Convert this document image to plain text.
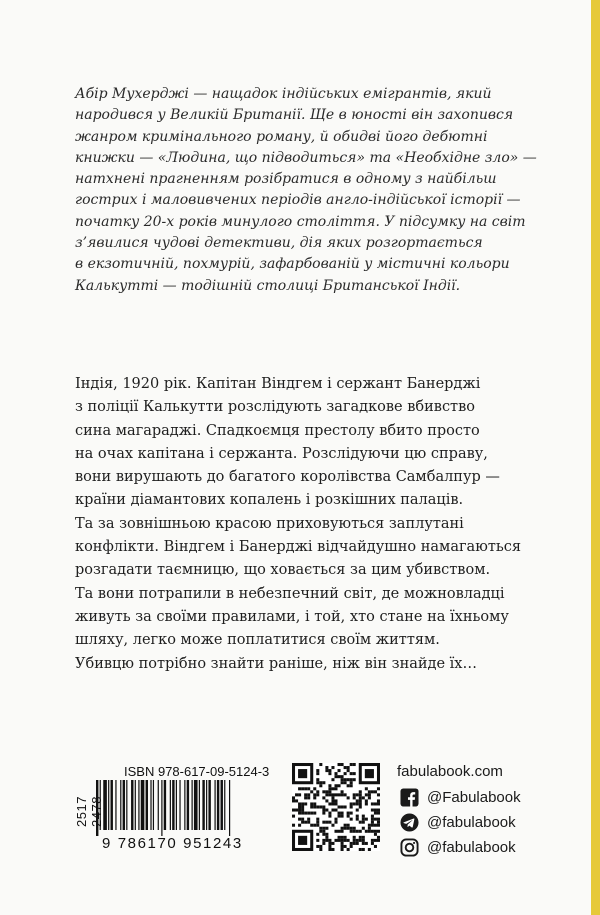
Абір Мухерджі — нащадок індійських емігрантів, який
народився у Великій Британії. Ще в юності він захопився
жанром кримінального роману, й обидві його дебютні
книжки — «Людина, що підводиться» та «Необхідне зло» —
натхнені прагненням розібратися в одному з найбільш
гострих і маловивчених періодів англо-індійської історії —
початку 20-х років минулого століття. У підсумку на світ
з’явилися чудові детективи, дія яких розгортається
в екзотичній, похмурій, зафарбованій у містичні кольори
Калькутті — тодішній столиці Британської Індії.
Індія, 1920 рік. Капітан Віндгем і сержант Банерджі
з поліції Калькутти розслідують загадкове вбивство
сина магараджі. Спадкоємця престолу вбито просто
на очах капітана і сержанта. Розслідуючи цю справу,
вони вирушають до багатого королівства Самбалпур —
країни діамантових копалень і розкішних палаців.
Та за зовнішньою красою приховуються заплутані
конфлікти. Віндгем і Банерджі відчайдушно намагаються
розгадати таємницю, що ховається за цим убивством.
Та вони потрапили в небезпечний світ, де можновладці
живуть за своїми правилами, і той, хто стане на їхньому
шляху, легко може поплатитися своїм життям.
Убивцю потрібно знайти раніше, ніж він знайде їх…
ISBN 978-617-09-5124-3
2517
9 786170 951243
fabulabook.com
@Fabulabook
@fabulabook
@fabulabook
